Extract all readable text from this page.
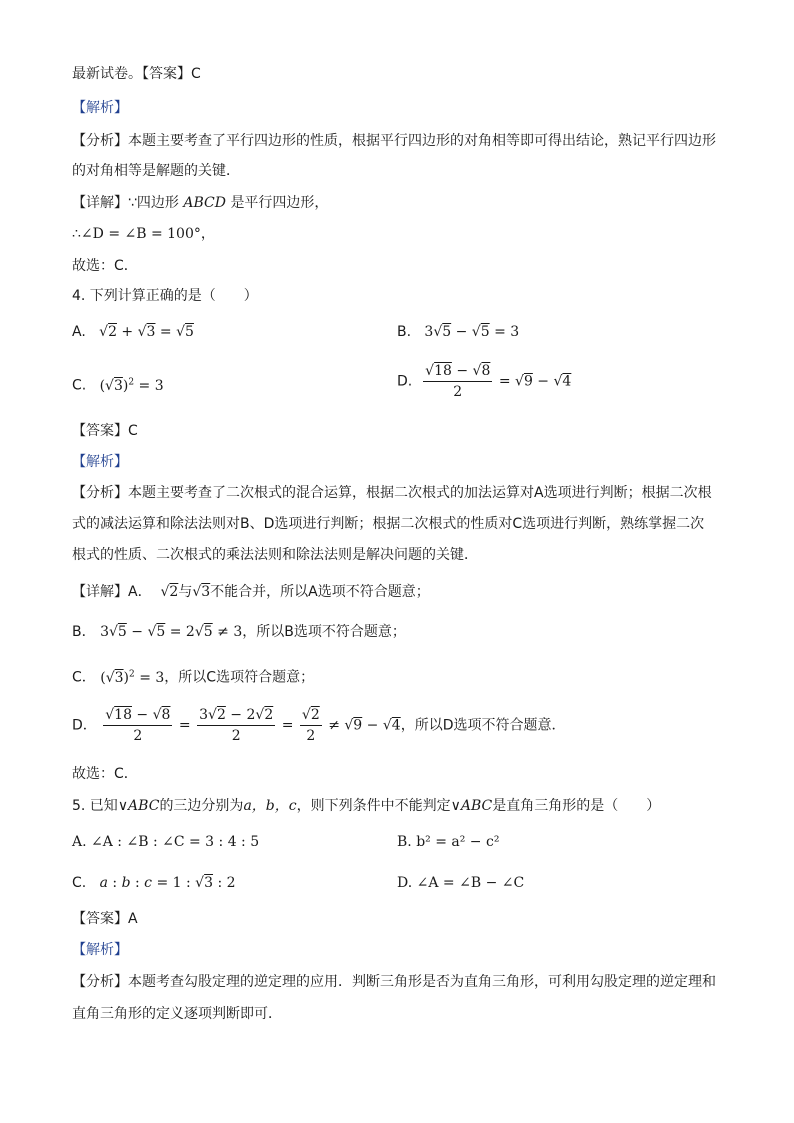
最新试卷。【答案】C
【解析】
【分析】本题主要考查了平行四边形的性质，根据平行四边形的对角相等即可得出结论，熟记平行四边形
的对角相等是解题的关键．
【详解】∵四边形 ABCD 是平行四边形，
∴∠D = ∠B = 100°，
故选：C．
4. 下列计算正确的是（　　）
A. √2 + √3 = √5	B. 3√5 − √5 = 3
C. $(√3)^2 = 3$	D. $\frac{√18 - √8}{2} = √9 - √4$
【答案】C
【解析】
【分析】本题主要考查了二次根式的混合运算，根据二次根式的加法运算对A选项进行判断；根据二次根
式的减法运算和除法法则对B、D选项进行判断；根据二次根式的性质对C选项进行判断，熟练掌握二次
根式的性质、二次根式的乘法法则和除法法则是解决问题的关键．
【详解】A． √2与√3不能合并，所以A选项不符合题意；
B． 3√5 − √5 = 2√5 ≠ 3，所以B选项不符合题意；
C． $(√3)^2 = 3$，所以C选项符合题意；
D． $\frac{√18 - √8}{2} = \frac{3√2 - 2√2}{2} = \frac{√2}{2} \ne √9 - √4$，所以D选项不符合题意．
故选：C．
5. 已知∨ABC的三边分别为a，b，c，则下列条件中不能判定∨ABC是直角三角形的是（　　）
A. ∠A : ∠B : ∠C = 3 : 4 : 5	B. b² = a² − c²
C. a : b : c = 1 : √3 : 2	D. ∠A = ∠B − ∠C
【答案】A
【解析】
【分析】本题考查勾股定理的逆定理的应用．判断三角形是否为直角三角形，可利用勾股定理的逆定理和
直角三角形的定义逐项判断即可．
